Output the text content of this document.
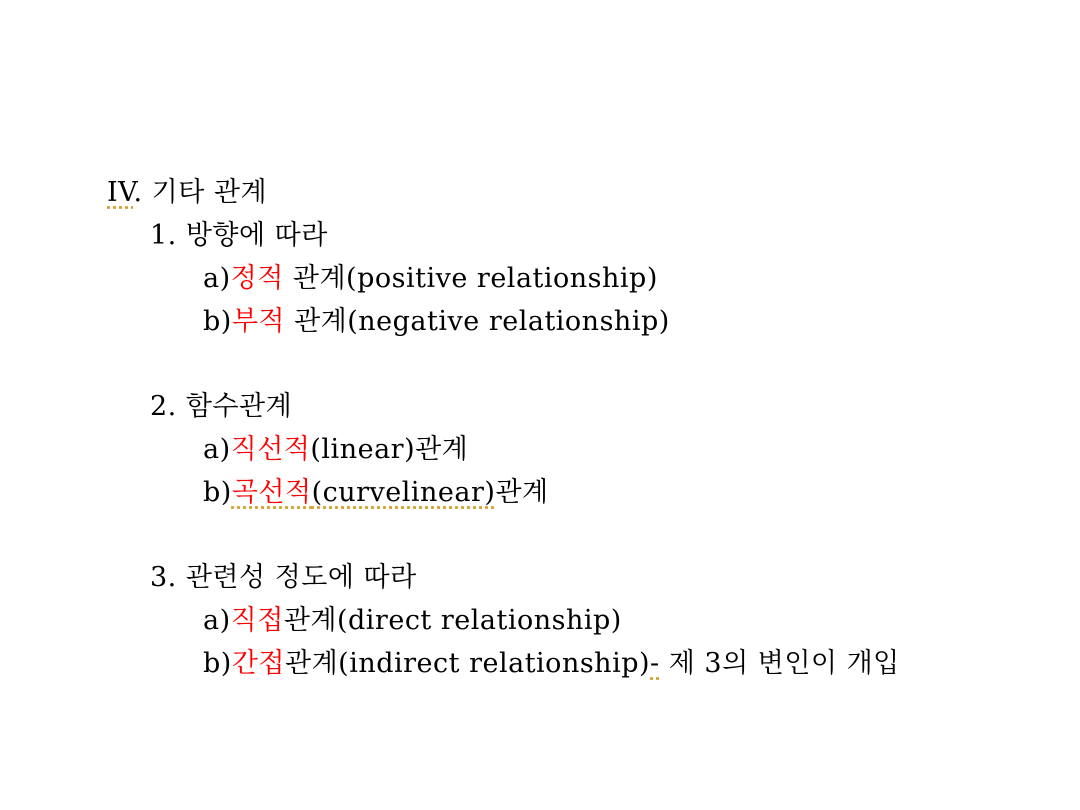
IV. 기타 관계
1. 방향에 따라
a)정적 관계(positive relationship)
b)부적 관계(negative relationship)
2. 함수관계
a)직선적(linear)관계
b)곡선적(curvelinear)관계
3. 관련성 정도에 따라
a)직접관계(direct relationship)
b)간접관계(indirect relationship)- 제 3의 변인이 개입
